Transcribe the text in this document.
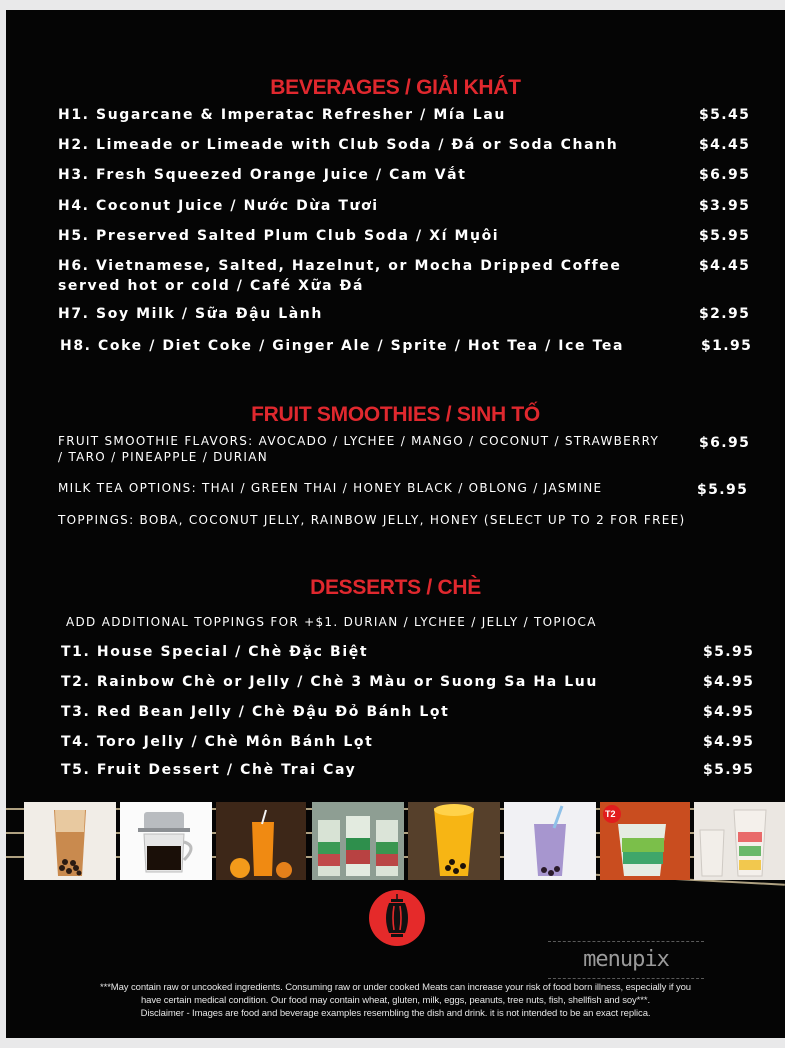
BEVERAGES / GIẢI KHÁT
H1. Sugarcane & Imperatac Refresher / Mía Lau	$5.45
H2. Limeade or Limeade with Club Soda / Đá or Soda Chanh	$4.45
H3. Fresh Squeezed Orange Juice / Cam Vắt	$6.95
H4. Coconut Juice / Nước Dừa Tươi	$3.95
H5. Preserved Salted Plum Club Soda / Xí Mụôi	$5.95
H6. Vietnamese, Salted, Hazelnut, or Mocha Dripped Coffee served hot or cold / Café Xữa Đá
$4.45
H7. Soy Milk / Sữa Đậu Lành	$2.95
H8. Coke / Diet Coke / Ginger Ale / Sprite / Hot Tea / Ice Tea	$1.95
FRUIT SMOOTHIES / SINH TỐ
FRUIT SMOOTHIE FLAVORS: AVOCADO / LYCHEE / MANGO / COCONUT / STRAWBERRY / TARO / PINEAPPLE / DURIAN
$6.95
MILK TEA OPTIONS: THAI / GREEN THAI / HONEY BLACK / OBLONG / JASMINE	$5.95
TOPPINGS: BOBA, COCONUT JELLY, RAINBOW JELLY, HONEY (SELECT UP TO 2 FOR FREE)
DESSERTS / CHÈ
ADD ADDITIONAL TOPPINGS FOR +$1. DURIAN / LYCHEE / JELLY / TOPIOCA
T1. House Special / Chè Đặc Biệt	$5.95
T2. Rainbow Chè or Jelly / Chè 3 Màu or Suong Sa Ha Luu	$4.95
T3. Red Bean Jelly / Chè Đậu Đỏ Bánh Lọt	$4.95
T4. Toro Jelly / Chè Môn Bánh Lọt	$4.95
T5. Fruit Dessert / Chè Trai Cay	$5.95
T2
menupix
***May contain raw or uncooked ingredients. Consuming raw or under cooked Meats can increase your risk of food born illness, especially if you
have certain medical condition. Our food may contain wheat, gluten, milk, eggs, peanuts, tree nuts, fish, shellfish and soy***.
Disclaimer - Images are food and beverage examples resembling the dish and drink. it is not intended to be an exact replica.
